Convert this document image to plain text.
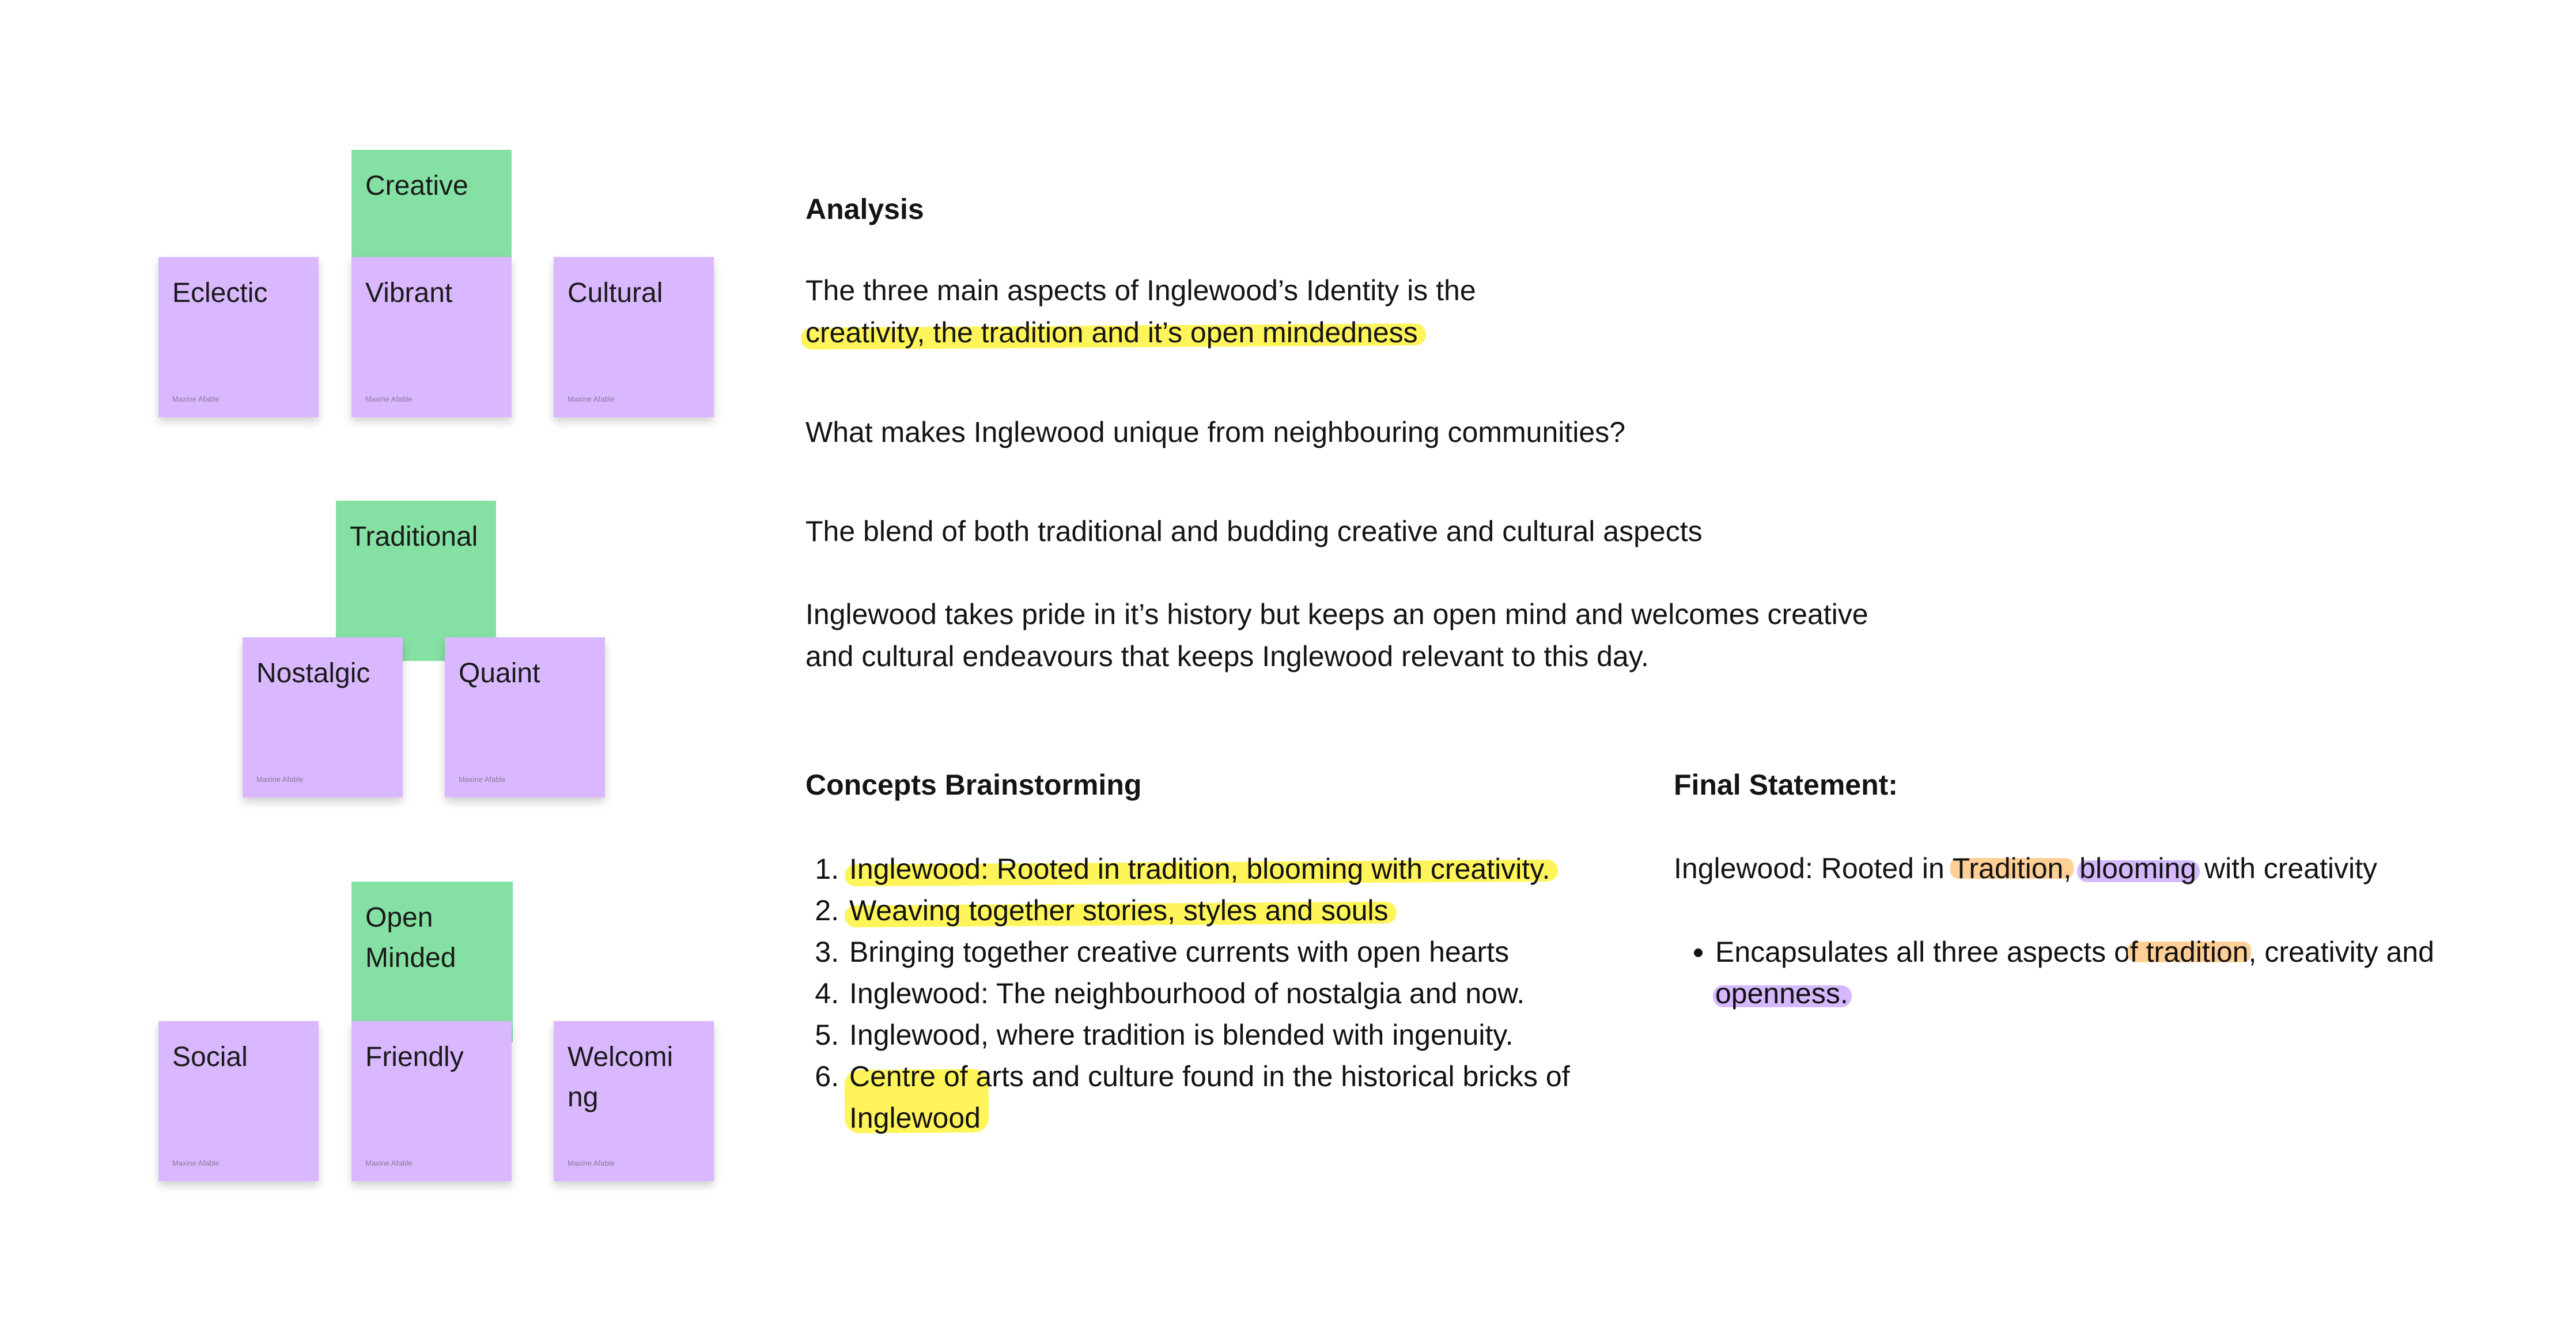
Creative
Eclectic
Maxine Afable
Vibrant
Maxine Afable
Cultural
Maxine Afable
Traditional
Nostalgic
Maxine Afable
Quaint
Maxine Afable
Open Minded
Social
Maxine Afable
Friendly
Maxine Afable
Welcoming
Maxine Afable
Analysis
The three main aspects of Inglewood’s Identity is the
creativity, the tradition and it’s open mindedness
What makes Inglewood unique from neighbouring communities?
The blend of both traditional and budding creative and cultural aspects
Inglewood takes pride in it’s history but keeps an open mind and welcomes creative
and cultural endeavours that keeps Inglewood relevant to this day.
Concepts Brainstorming
1. Inglewood: Rooted in tradition, blooming with creativity.
2. Weaving together stories, styles and souls.
3. Bringing together creative currents with open hearts
4. Inglewood: The neighbourhood of nostalgia and now.
5. Inglewood, where tradition is blended with ingenuity.
6. Centre of arts and culture found in the historical bricks of Inglewood
Final Statement:
Inglewood: Rooted in Tradition, blooming with creativity
• Encapsulates all three aspects of tradition, creativity and
openness.
